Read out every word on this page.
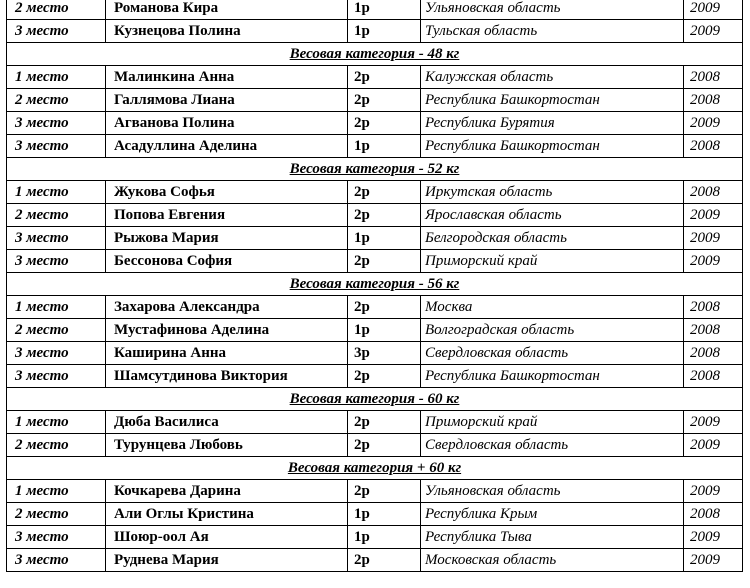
2 место	Романова Кира	1р	Ульяновская область	2009
3 место	Кузнецова Полина	1р	Тульская область	2009
Весовая категория - 48 кг				
1 место	Малинкина Анна	2р	Калужская область	2008
2 место	Галлямова Лиана	2р	Республика Башкортостан	2008
3 место	Агванова Полина	2р	Республика Бурятия	2009
3 место	Асадуллина Аделина	1р	Республика Башкортостан	2008
Весовая категория - 52 кг				
1 место	Жукова Софья	2р	Иркутская область	2008
2 место	Попова Евгения	2р	Ярославская область	2009
3 место	Рыжова Мария	1р	Белгородская область	2009
3 место	Бессонова София	2р	Приморский край	2009
Весовая категория - 56 кг				
1 место	Захарова Александра	2р	Москва	2008
2 место	Мустафинова Аделина	1р	Волгоградская область	2008
3 место	Каширина Анна	3р	Свердловская область	2008
3 место	Шамсутдинова Виктория	2р	Республика Башкортостан	2008
Весовая категория - 60 кг				
1 место	Дюба Василиса	2р	Приморский край	2009
2 место	Турунцева Любовь	2р	Свердловская область	2009
Весовая категория + 60 кг				
1 место	Кочкарева Дарина	2р	Ульяновская область	2009
2 место	Али Оглы Кристина	1р	Республика Крым	2008
3 место	Шоюр-оол Ая	1р	Республика Тыва	2009
3 место	Руднева Мария	2р	Московская область	2009
